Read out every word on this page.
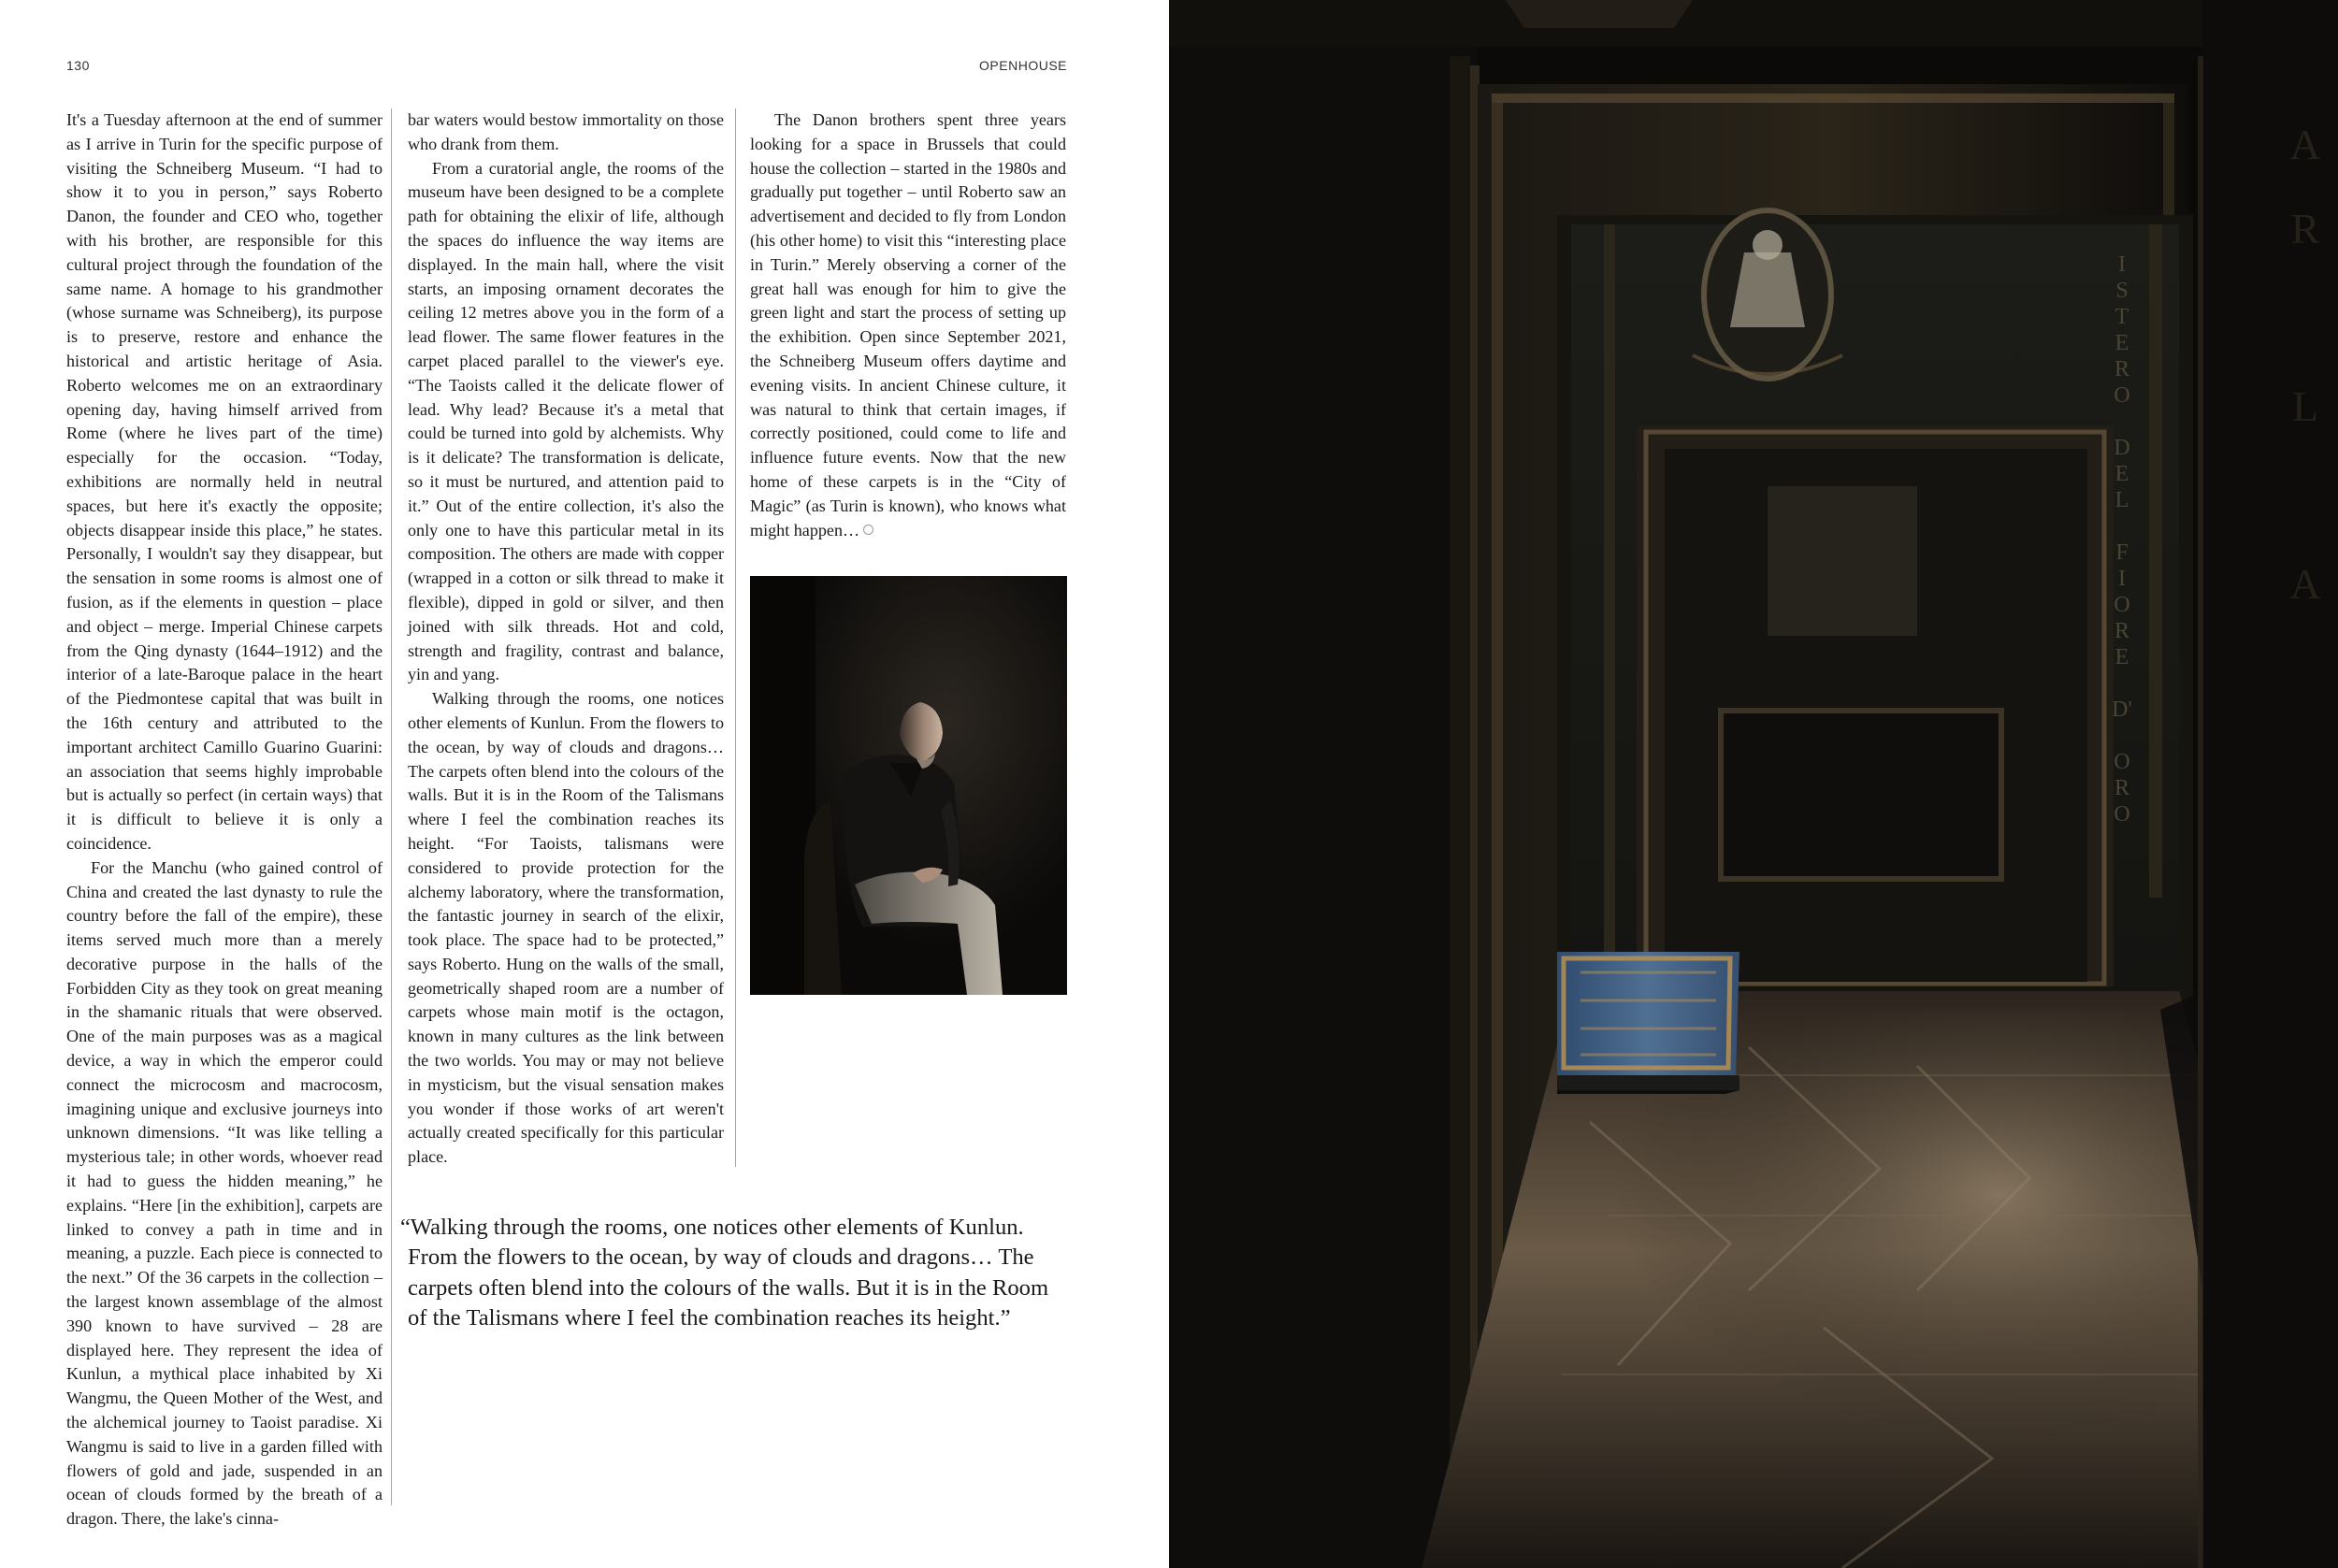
130	OPENHOUSE

It's a Tuesday afternoon at the end of summer as I arrive in Turin for the specific purpose of visiting the Schneiberg Museum. “I had to show it to you in person,” says Roberto Danon, the founder and CEO who, together with his brother, are responsible for this cultural project through the foundation of the same name. A homage to his grandmother (whose surname was Schneiberg), its purpose is to preserve, restore and enhance the historical and artistic heritage of Asia. Roberto welcomes me on an extraordinary opening day, having himself arrived from Rome (where he lives part of the time) especially for the occasion. “Today, exhibitions are normally held in neutral spaces, but here it's exactly the opposite; objects disappear inside this place,” he states. Personally, I wouldn't say they disappear, but the sensation in some rooms is almost one of fusion, as if the elements in question – place and object – merge. Imperial Chinese carpets from the Qing dynasty (1644–1912) and the interior of a late-Baroque palace in the heart of the Piedmontese capital that was built in the 16th century and attributed to the important architect Camillo Guarino Guarini: an association that seems highly improbable but is actually so perfect (in certain ways) that it is difficult to believe it is only a coincidence.

For the Manchu (who gained control of China and created the last dynasty to rule the country before the fall of the empire), these items served much more than a merely decorative purpose in the halls of the Forbidden City as they took on great meaning in the shamanic rituals that were observed. One of the main purposes was as a magical device, a way in which the emperor could connect the microcosm and macrocosm, imagining unique and exclusive journeys into unknown dimensions. “It was like telling a mysterious tale; in other words, whoever read it had to guess the hidden meaning,” he explains. “Here [in the exhibition], carpets are linked to convey a path in time and in meaning, a puzzle. Each piece is connected to the next.” Of the 36 carpets in the collection – the largest known assemblage of the almost 390 known to have survived – 28 are displayed here. They represent the idea of Kunlun, a mythical place inhabited by Xi Wangmu, the Queen Mother of the West, and the alchemical journey to Taoist paradise. Xi Wangmu is said to live in a garden filled with flowers of gold and jade, suspended in an ocean of clouds formed by the breath of a dragon. There, the lake's cinna-

bar waters would bestow immortality on those who drank from them.

From a curatorial angle, the rooms of the museum have been designed to be a complete path for obtaining the elixir of life, although the spaces do influence the way items are displayed. In the main hall, where the visit starts, an imposing ornament decorates the ceiling 12 metres above you in the form of a lead flower. The same flower features in the carpet placed parallel to the viewer's eye. “The Taoists called it the delicate flower of lead. Why lead? Because it's a metal that could be turned into gold by alchemists. Why is it delicate? The transformation is delicate, so it must be nurtured, and attention paid to it.” Out of the entire collection, it's also the only one to have this particular metal in its composition. The others are made with copper (wrapped in a cotton or silk thread to make it flexible), dipped in gold or silver, and then joined with silk threads. Hot and cold, strength and fragility, contrast and balance, yin and yang.

Walking through the rooms, one notices other elements of Kunlun. From the flowers to the ocean, by way of clouds and dragons… The carpets often blend into the colours of the walls. But it is in the Room of the Talismans where I feel the combination reaches its height. “For Taoists, talismans were considered to provide protection for the alchemy laboratory, where the transformation, the fantastic journey in search of the elixir, took place. The space had to be protected,” says Roberto. Hung on the walls of the small, geometrically shaped room are a number of carpets whose main motif is the octagon, known in many cultures as the link between the two worlds. You may or may not believe in mysticism, but the visual sensation makes you wonder if those works of art weren't actually created specifically for this particular place.

The Danon brothers spent three years looking for a space in Brussels that could house the collection – started in the 1980s and gradually put together – until Roberto saw an advertisement and decided to fly from London (his other home) to visit this “interesting place in Turin.” Merely observing a corner of the great hall was enough for him to give the green light and start the process of setting up the exhibition. Open since September 2021, the Schneiberg Museum offers daytime and evening visits. In ancient Chinese culture, it was natural to think that certain images, if correctly positioned, could come to life and influence future events. Now that the new home of these carpets is in the “City of Magic” (as Turin is known), who knows what might happen…

“Walking through the rooms, one notices other elements of Kunlun.
From the flowers to the ocean, by way of clouds and dragons… The
carpets often blend into the colours of the walls. But it is in the Room
of the Talismans where I feel the combination reaches its height.”
I
S
T
E
R
O
D
E
L
F
I
O
R
E
D'
O
R
O
A
R
L
A
